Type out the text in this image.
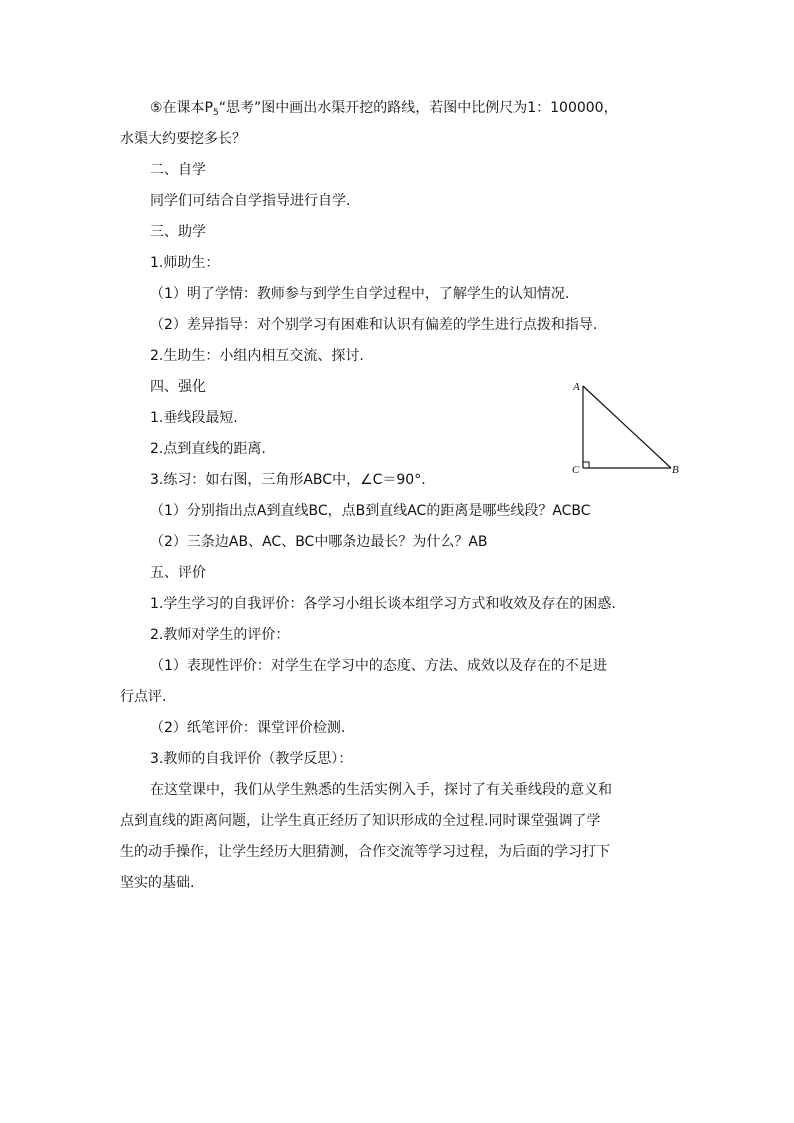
⑤在课本$P_5“$思考”图中画出水渠开挖的路线，若图中比例尺为1：100000，
水渠大约要挖多长？
二、自学
同学们可结合自学指导进行自学.
三、助学
1.师助生：
（1）明了学情：教师参与到学生自学过程中，了解学生的认知情况.
（2）差异指导：对个别学习有困难和认识有偏差的学生进行点拨和指导.
2.生助生：小组内相互交流、探讨.
四、强化
1.垂线段最短.
2.点到直线的距离.
3.练习：如右图，三角形ABC中，∠C＝90°.
（1）分别指出点A到直线BC，点B到直线AC的距离是哪些线段？ACBC
（2）三条边AB、AC、BC中哪条边最长？为什么？AB
五、评价
1.学生学习的自我评价：各学习小组长谈本组学习方式和收效及存在的困惑.
2.教师对学生的评价：
（1）表现性评价：对学生在学习中的态度、方法、成效以及存在的不足进
行点评.
（2）纸笔评价：课堂评价检测.
3.教师的自我评价（教学反思）：
在这堂课中，我们从学生熟悉的生活实例入手，探讨了有关垂线段的意义和
点到直线的距离问题，让学生真正经历了知识形成的全过程.同时课堂强调了学
生的动手操作，让学生经历大胆猜测，合作交流等学习过程，为后面的学习打下
坚实的基础.
A
C	B
